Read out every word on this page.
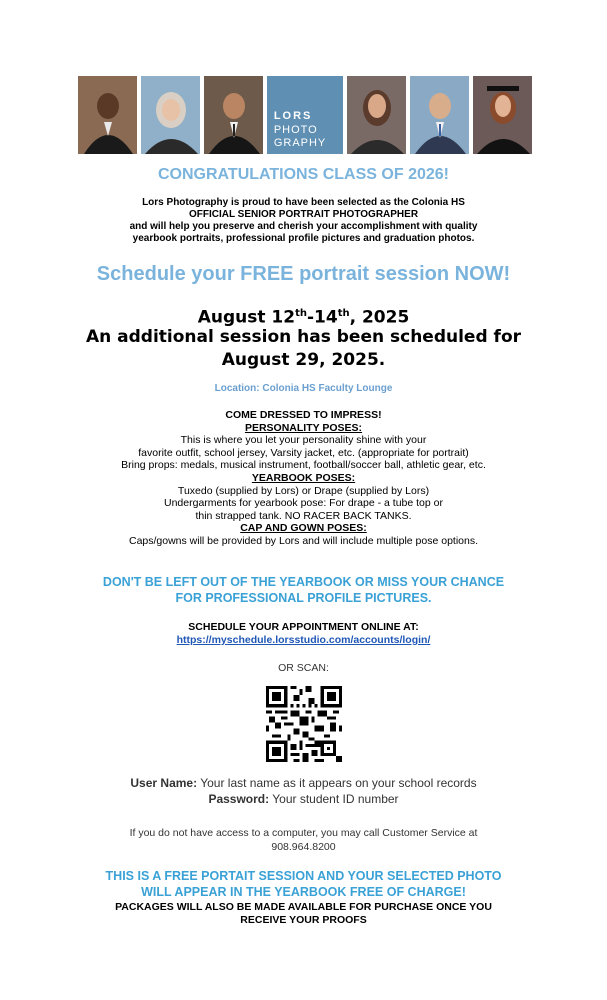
LORS
PHOTO
GRAPHY
CONGRATULATIONS CLASS OF 2026!
Lors Photography is proud to have been selected as the Colonia HS
OFFICIAL SENIOR PORTRAIT PHOTOGRAPHER
and will help you preserve and cherish your accomplishment with quality
yearbook portraits, professional profile pictures and graduation photos.
Schedule your FREE portrait session NOW!
August 12th-14th, 2025
An additional session has been scheduled for August 29, 2025.
Location: Colonia HS Faculty Lounge
COME DRESSED TO IMPRESS!
PERSONALITY POSES:
This is where you let your personality shine with your
favorite outfit, school jersey, Varsity jacket, etc. (appropriate for portrait)
Bring props: medals, musical instrument, football/soccer ball, athletic gear, etc.
YEARBOOK POSES:
Tuxedo (supplied by Lors) or Drape (supplied by Lors)
Undergarments for yearbook pose: For drape - a tube top or
thin strapped tank. NO RACER BACK TANKS.
CAP AND GOWN POSES:
Caps/gowns will be provided by Lors and will include multiple pose options.
DON'T BE LEFT OUT OF THE YEARBOOK OR MISS YOUR CHANCE
FOR PROFESSIONAL PROFILE PICTURES.
SCHEDULE YOUR APPOINTMENT ONLINE AT:
https://myschedule.lorsstudio.com/accounts/login/
OR SCAN:
User Name: Your last name as it appears on your school records
Password: Your student ID number
If you do not have access to a computer, you may call Customer Service at
908.964.8200
THIS IS A FREE PORTAIT SESSION AND YOUR SELECTED PHOTO
WILL APPEAR IN THE YEARBOOK FREE OF CHARGE!
PACKAGES WILL ALSO BE MADE AVAILABLE FOR PURCHASE ONCE YOU
RECEIVE YOUR PROOFS
